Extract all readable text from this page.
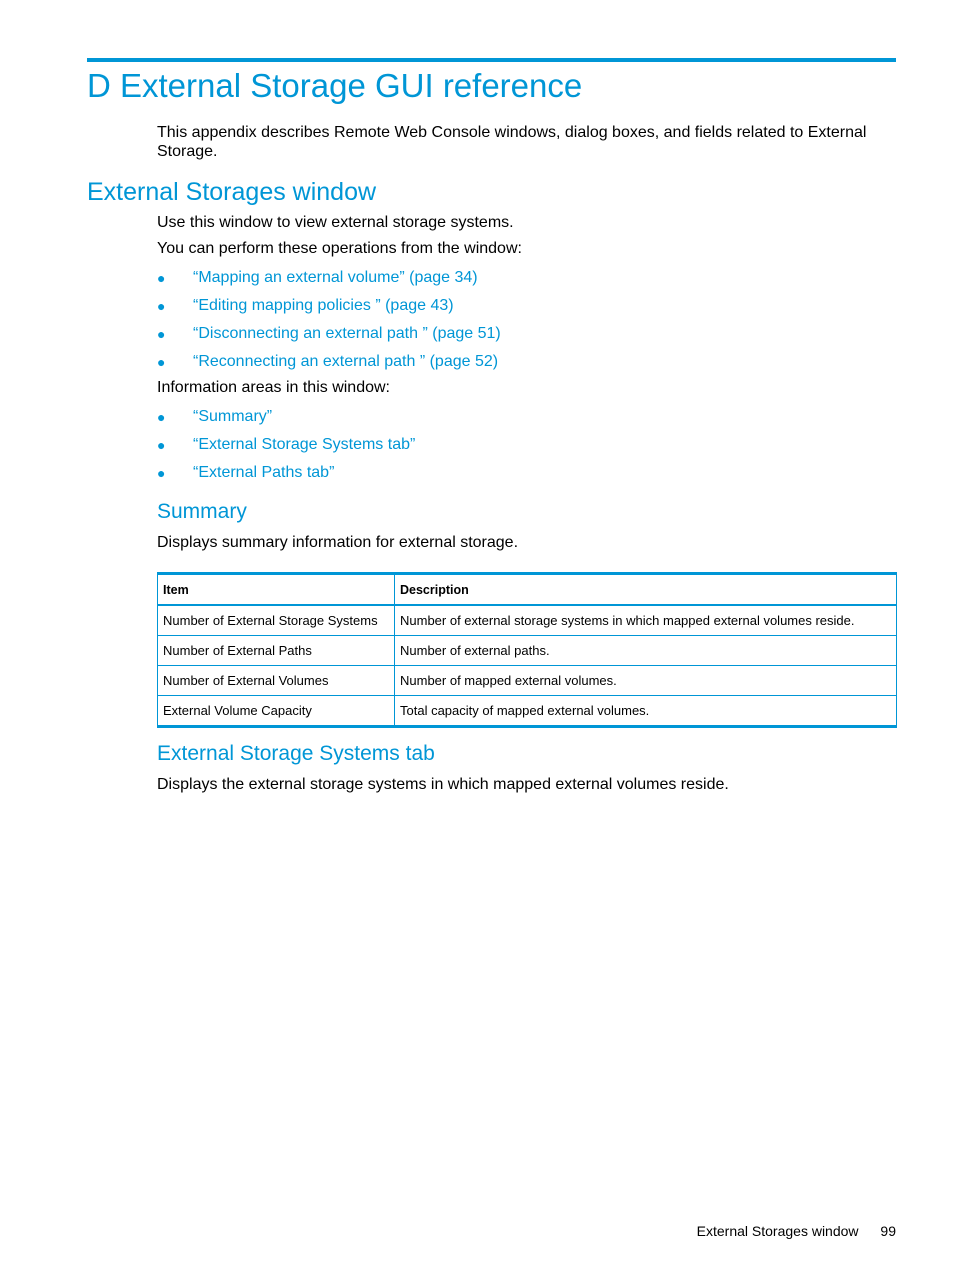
D External Storage GUI reference

This appendix describes Remote Web Console windows, dialog boxes, and fields related to External Storage.

External Storages window

Use this window to view external storage systems.

You can perform these operations from the window:

● “Mapping an external volume” (page 34)
● “Editing mapping policies ” (page 43)
● “Disconnecting an external path ” (page 51)
● “Reconnecting an external path ” (page 52)

Information areas in this window:

● “Summary”
● “External Storage Systems tab”
● “External Paths tab”
Summary

Displays summary information for external storage.

Item	Description
Number of External Storage Systems	Number of external storage systems in which mapped external volumes reside.
Number of External Paths	Number of external paths.
Number of External Volumes	Number of mapped external volumes.
External Volume Capacity	Total capacity of mapped external volumes.
External Storage Systems tab

Displays the external storage systems in which mapped external volumes reside.

External Storages window 99
